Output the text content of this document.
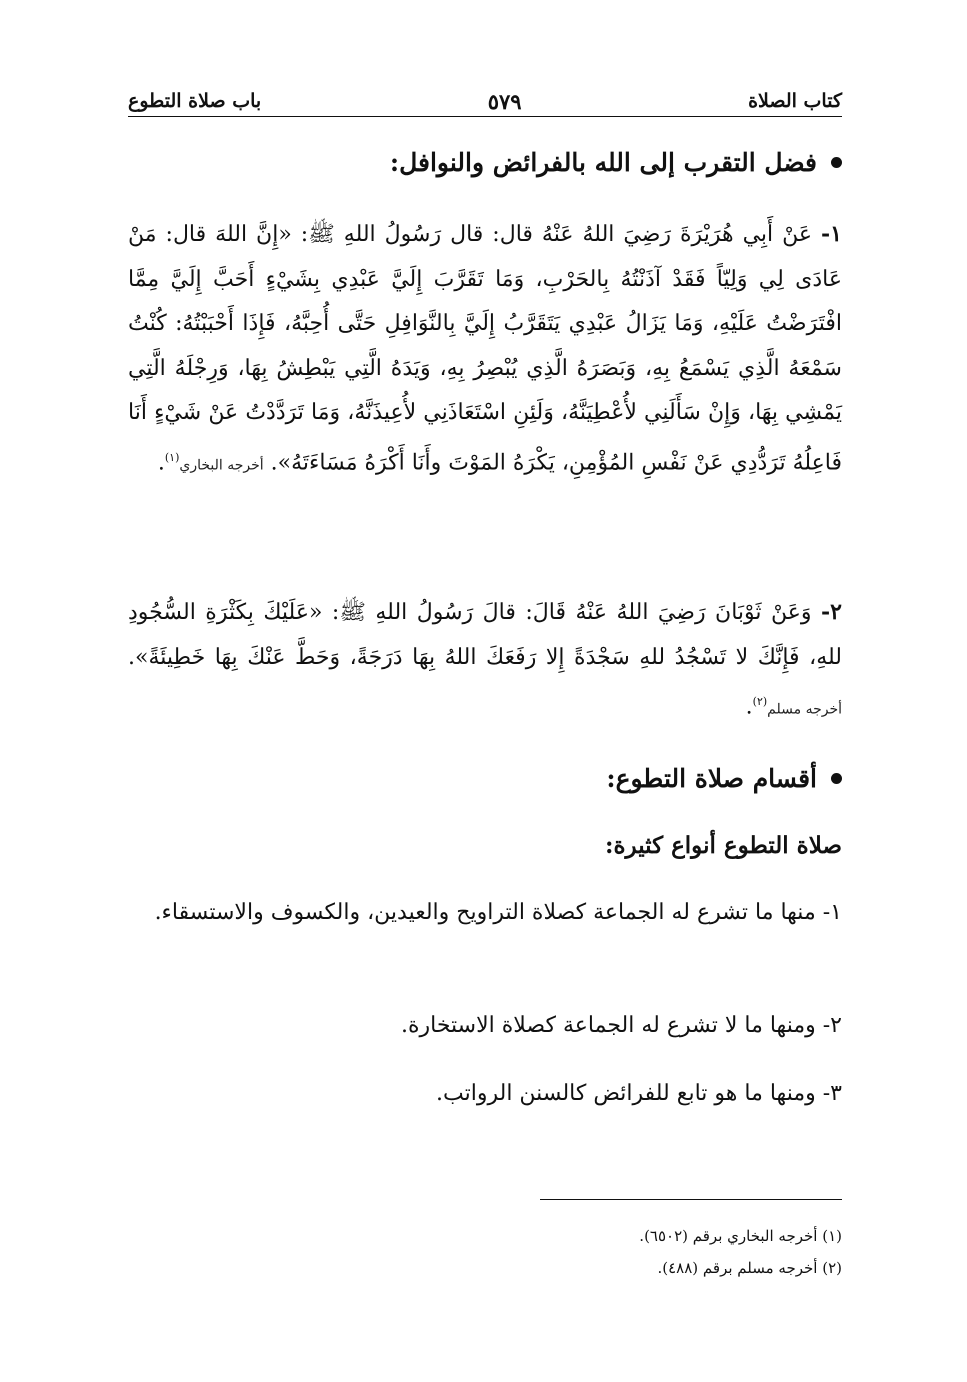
كتاب الصلاة
٥٧٩
باب صلاة التطوع
فضل التقرب إلى الله بالفرائض والنوافل:
١- عَنْ أَبِي هُرَيْرَةَ رَضِيَ اللهُ عَنْهُ قال: قال رَسُولُ اللهِ ﷺ: «إِنَّ اللهَ قال: مَنْ عَادَى لِي وَلِيّاً فَقَدْ آذَنْتُهُ بِالحَرْبِ، وَمَا تَقَرَّبَ إِلَيَّ عَبْدِي بِشَيْءٍ أَحَبَّ إِلَيَّ مِمَّا افْتَرَضْتُ عَلَيْهِ، وَمَا يَزَالُ عَبْدِي يَتَقَرَّبُ إِلَيَّ بِالنَّوَافِلِ حَتَّى أُحِبَّهُ، فَإِذَا أَحْبَبْتُهُ: كُنْتُ سَمْعَهُ الَّذِي يَسْمَعُ بِهِ، وَبَصَرَهُ الَّذِي يُبْصِرُ بِهِ، وَيَدَهُ الَّتِي يَبْطِشُ بِهَا، وَرِجْلَهُ الَّتِي يَمْشِي بِهَا، وَإِنْ سَأَلَنِي لأُعْطِيَنَّهُ، وَلَئِنِ اسْتَعَاذَنِي لأُعِيذَنَّهُ، وَمَا تَرَدَّدْتُ عَنْ شَيْءٍ أَنَا فَاعِلُهُ تَرَدُّدِي عَنْ نَفْسِ المُؤْمِنِ، يَكْرَهُ المَوْتَ وأَنَا أَكْرَهُ مَسَاءَتَهُ». أخرجه البخاري$^{(١)}$.
٢- وَعَنْ ثَوْبَانَ رَضِيَ اللهُ عَنْهُ قَالَ: قالَ رَسُولُ اللهِ ﷺ: «عَلَيْكَ بِكَثْرَةِ السُّجُودِ للهِ، فَإِنَّكَ لا تَسْجُدُ للهِ سَجْدَةً إِلا رَفَعَكَ اللهُ بِهَا دَرَجَةً، وَحَطَّ عَنْكَ بِهَا خَطِيئَةً». أخرجه مسلم$^{(٢)}$.
أقسام صلاة التطوع:
صلاة التطوع أنواع كثيرة:
١- منها ما تشرع له الجماعة كصلاة التراويح والعيدين، والكسوف والاستسقاء.
٢- ومنها ما لا تشرع له الجماعة كصلاة الاستخارة.
٣- ومنها ما هو تابع للفرائض كالسنن الرواتب.
(١) أخرجه البخاري برقم (٦٥٠٢).
(٢) أخرجه مسلم برقم (٤٨٨).
